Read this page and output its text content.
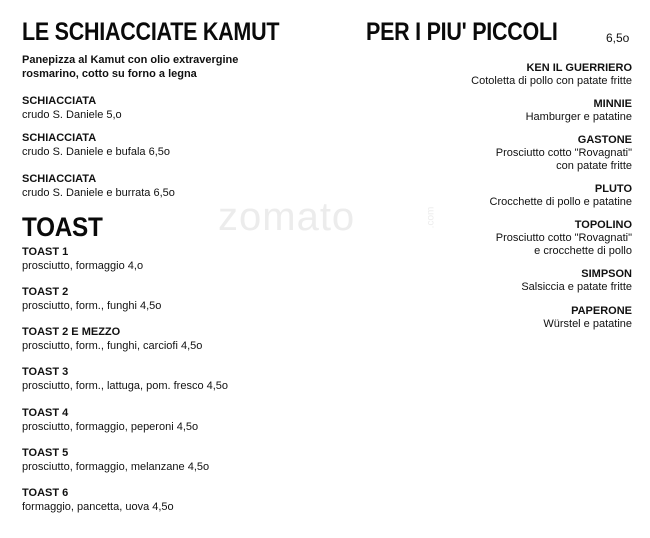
zomato	.com
LE SCHIACCIATE KAMUT
Panepizza al Kamut con olio extravergine
rosmarino, cotto su forno a legna
SCHIACCIATA
crudo S. Daniele 5,o
SCHIACCIATA
crudo S. Daniele e bufala 6,5o
SCHIACCIATA
crudo S. Daniele e burrata 6,5o
TOAST
TOAST 1
prosciutto, formaggio 4,o
TOAST 2
prosciutto, form., funghi 4,5o
TOAST 2 E MEZZO
prosciutto, form., funghi, carciofi 4,5o
TOAST 3
prosciutto, form., lattuga, pom. fresco 4,5o
TOAST 4
prosciutto, formaggio, peperoni 4,5o
TOAST 5
prosciutto, formaggio, melanzane 4,5o
TOAST 6
formaggio, pancetta, uova 4,5o
PER I PIU' PICCOLI	6,5o
KEN IL GUERRIERO
Cotoletta di pollo con patate fritte
MINNIE
Hamburger e patatine
GASTONE
Prosciutto cotto "Rovagnati"
con patate fritte
PLUTO
Crocchette di pollo e patatine
TOPOLINO
Prosciutto cotto "Rovagnati"
e crocchette di pollo
SIMPSON
Salsiccia e patate fritte
PAPERONE
Würstel e patatine
